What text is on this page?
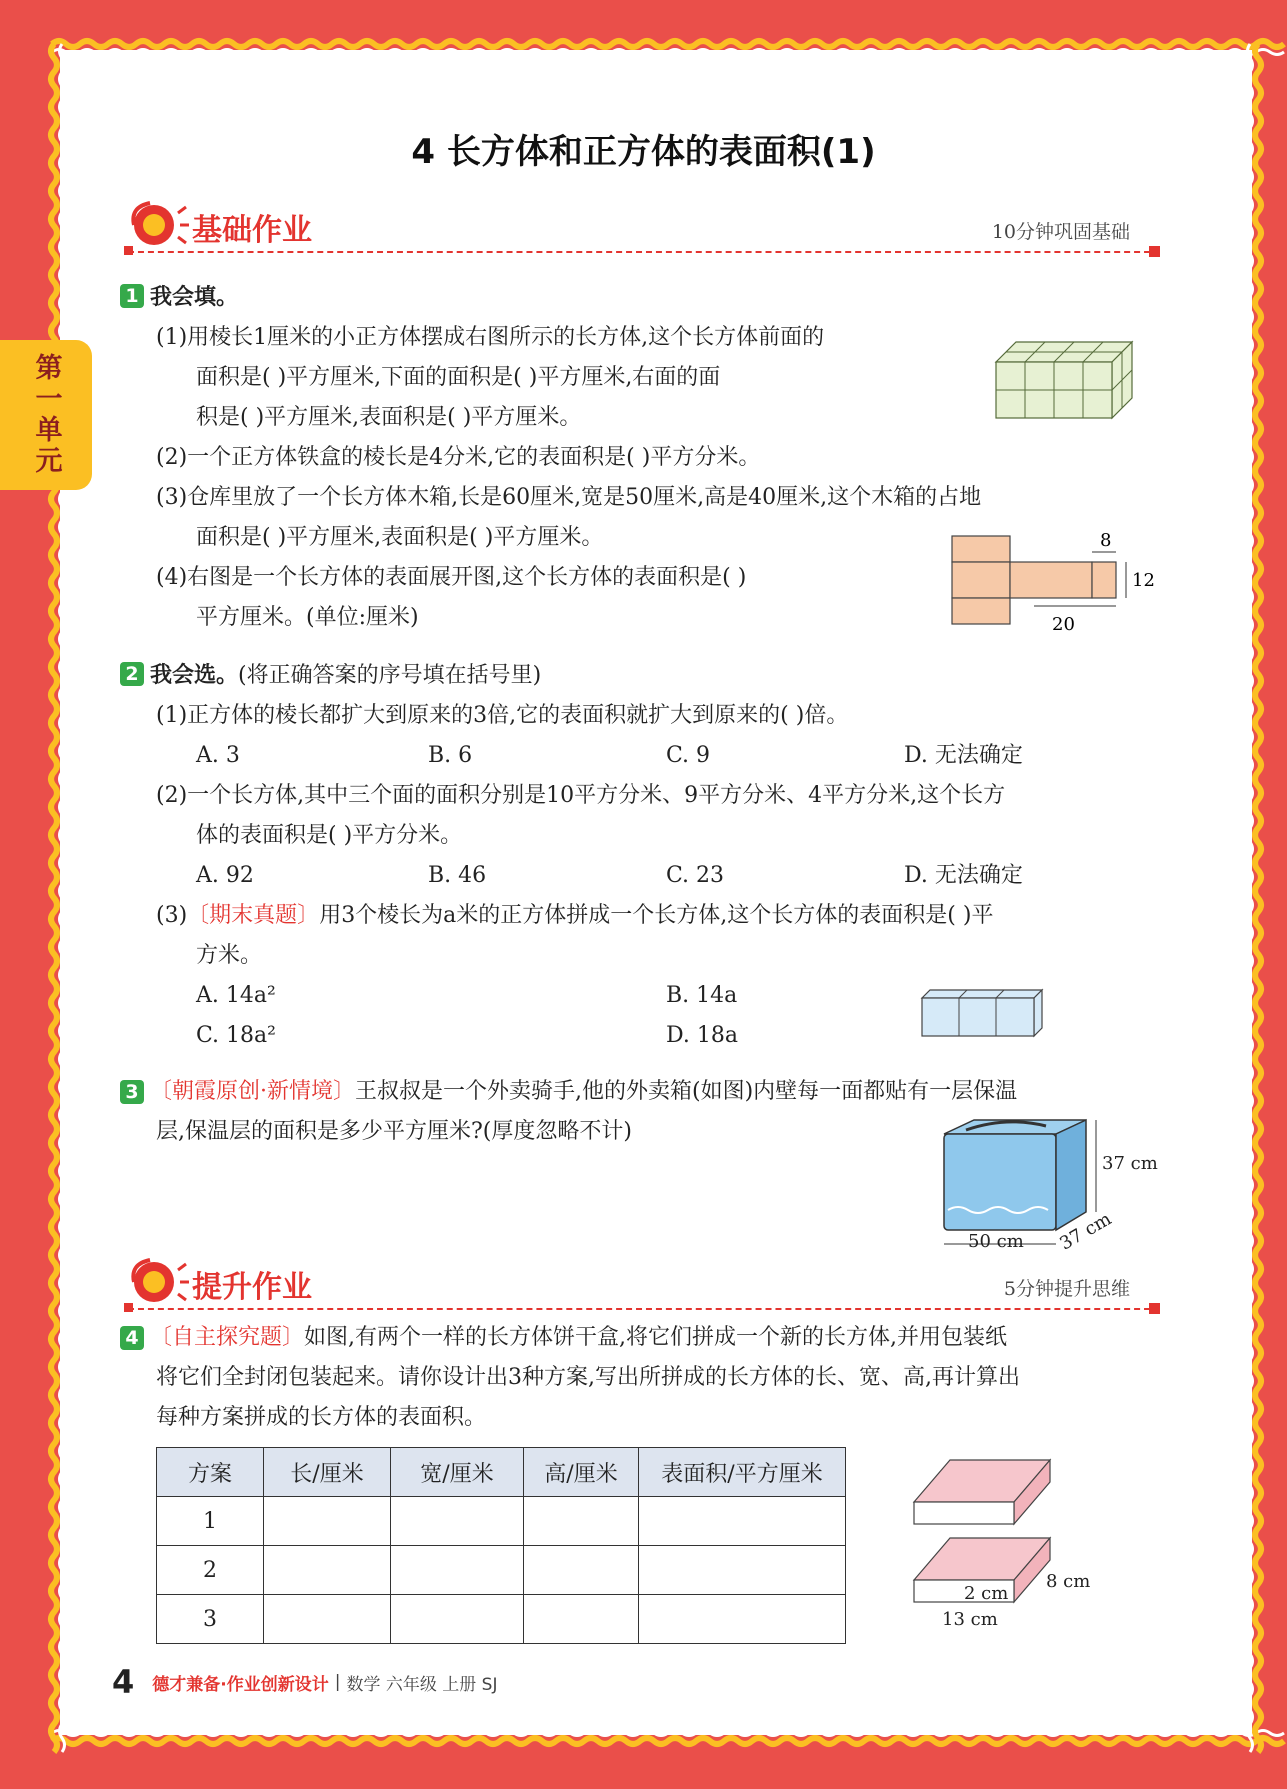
第一单元
4 长方体和正方体的表面积(1)
基础作业	10分钟巩固基础
1 我会填。
(1)用棱长1厘米的小正方体摆成右图所示的长方体,这个长方体前面的
面积是( )平方厘米,下面的面积是( )平方厘米,右面的面
积是( )平方厘米,表面积是( )平方厘米。
(2)一个正方体铁盒的棱长是4分米,它的表面积是( )平方分米。
(3)仓库里放了一个长方体木箱,长是60厘米,宽是50厘米,高是40厘米,这个木箱的占地
面积是( )平方厘米,表面积是( )平方厘米。
(4)右图是一个长方体的表面展开图,这个长方体的表面积是( )
平方厘米。(单位:厘米)
8
12
20
2 我会选。 (将正确答案的序号填在括号里)
(1)正方体的棱长都扩大到原来的3倍,它的表面积就扩大到原来的( )倍。
A. 3	B. 6	C. 9	D. 无法确定
(2)一个长方体,其中三个面的面积分别是10平方分米、9平方分米、4平方分米,这个长方
体的表面积是( )平方分米。
A. 92	B. 46	C. 23	D. 无法确定
(3)〔期末真题〕用3个棱长为a米的正方体拼成一个长方体,这个长方体的表面积是( )平
方米。
A. 14a²	B. 14a
C. 18a²	D. 18a
3 〔朝霞原创·新情境〕王叔叔是一个外卖骑手,他的外卖箱(如图)内壁每一面都贴有一层保温
层,保温层的面积是多少平方厘米?(厚度忽略不计)
37 cm
50 cm 37 cm
提升作业	5分钟提升思维
4 〔自主探究题〕如图,有两个一样的长方体饼干盒,将它们拼成一个新的长方体,并用包装纸
将它们全封闭包装起来。请你设计出3种方案,写出所拼成的长方体的长、宽、高,再计算出
每种方案拼成的长方体的表面积。
方案	长/厘米	宽/厘米	高/厘米	表面积/平方厘米
1				
2				
3				
2 cm
8 cm
13 cm
4 德才兼备·作业创新设计 | 数学 六年级 上册 SJ
